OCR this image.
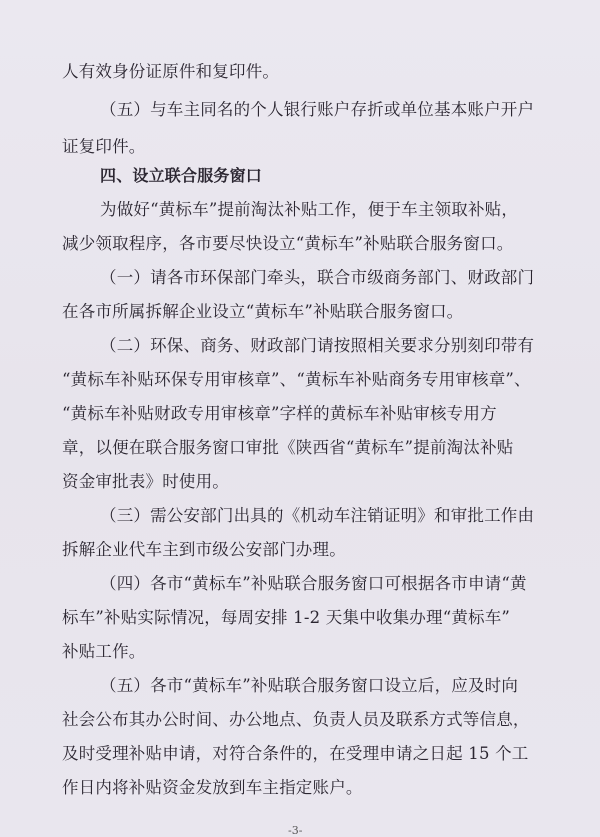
人有效身份证原件和复印件。
（五）与车主同名的个人银行账户存折或单位基本账户开户
证复印件。
四、设立联合服务窗口
为做好“黄标车”提前淘汰补贴工作，便于车主领取补贴，
减少领取程序，各市要尽快设立“黄标车”补贴联合服务窗口。
（一）请各市环保部门牵头，联合市级商务部门、财政部门
在各市所属拆解企业设立“黄标车”补贴联合服务窗口。
（二）环保、商务、财政部门请按照相关要求分别刻印带有
“黄标车补贴环保专用审核章”、“黄标车补贴商务专用审核章”、
“黄标车补贴财政专用审核章”字样的黄标车补贴审核专用方
章，以便在联合服务窗口审批《陕西省“黄标车”提前淘汰补贴
资金审批表》时使用。
（三）需公安部门出具的《机动车注销证明》和审批工作由
拆解企业代车主到市级公安部门办理。
（四）各市“黄标车”补贴联合服务窗口可根据各市申请“黄
标车”补贴实际情况，每周安排 1-2 天集中收集办理“黄标车”
补贴工作。
（五）各市“黄标车”补贴联合服务窗口设立后，应及时向
社会公布其办公时间、办公地点、负责人员及联系方式等信息，
及时受理补贴申请，对符合条件的，在受理申请之日起 15 个工
作日内将补贴资金发放到车主指定账户。
-3-
